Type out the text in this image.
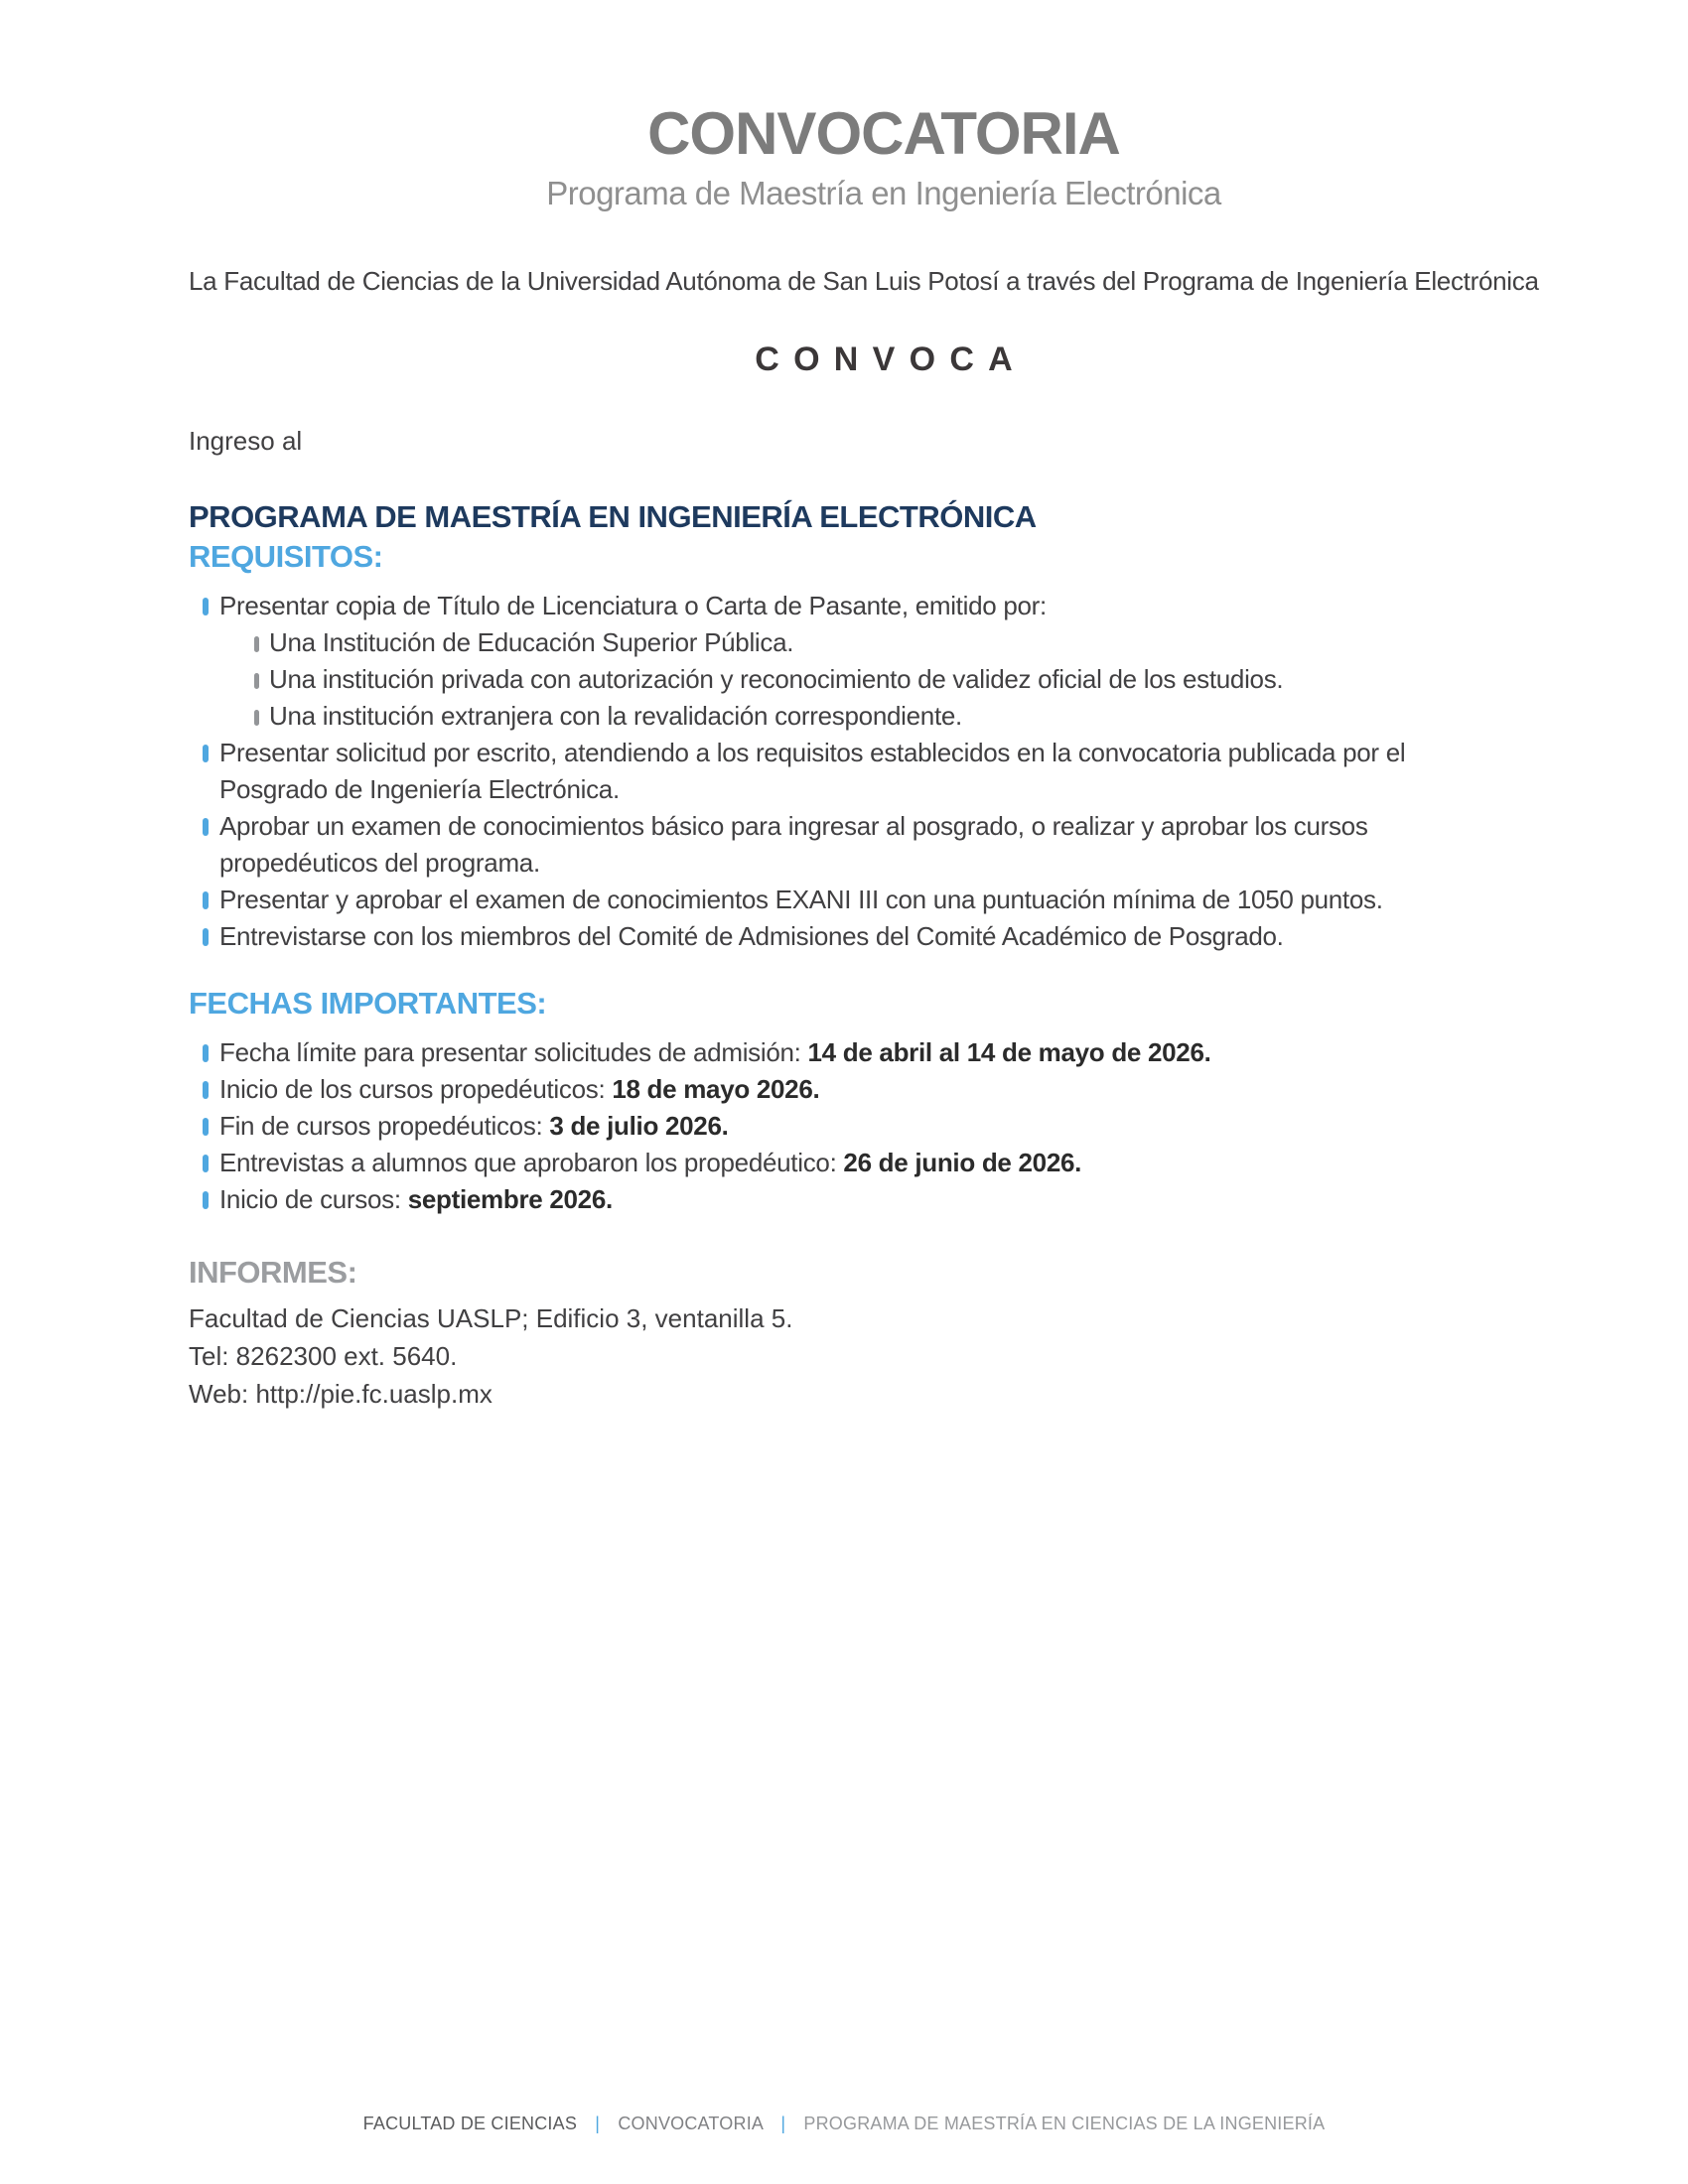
CONVOCATORIA
Programa de Maestría en Ingeniería Electrónica

La Facultad de Ciencias de la Universidad Autónoma de San Luis Potosí a través del Programa de Ingeniería Electrónica

CONVOCA

Ingreso al

PROGRAMA DE MAESTRÍA EN INGENIERÍA ELECTRÓNICA
REQUISITOS:
Presentar copia de Título de Licenciatura o Carta de Pasante, emitido por:
Una Institución de Educación Superior Pública.
Una institución privada con autorización y reconocimiento de validez oficial de los estudios.
Una institución extranjera con la revalidación correspondiente.
Presentar solicitud por escrito, atendiendo a los requisitos establecidos en la convocatoria publicada por el Posgrado de Ingeniería Electrónica.
Aprobar un examen de conocimientos básico para ingresar al posgrado, o realizar y aprobar los cursos propedéuticos del programa.
Presentar y aprobar el examen de conocimientos EXANI III con una puntuación mínima de 1050 puntos.
Entrevistarse con los miembros del Comité de Admisiones del Comité Académico de Posgrado.
FECHAS IMPORTANTES:
Fecha límite para presentar solicitudes de admisión: 14 de abril al 14 de mayo de 2026.
Inicio de los cursos propedéuticos: 18 de mayo 2026.
Fin de cursos propedéuticos: 3 de julio 2026.
Entrevistas a alumnos que aprobaron los propedéutico: 26 de junio de 2026.
Inicio de cursos: septiembre 2026.
INFORMES:

Facultad de Ciencias UASLP; Edificio 3, ventanilla 5.

Tel: 8262300 ext. 5640.

Web: http://pie.fc.uaslp.mx

FACULTAD DE CIENCIAS | CONVOCATORIA | PROGRAMA DE MAESTRÍA EN CIENCIAS DE LA INGENIERÍA
